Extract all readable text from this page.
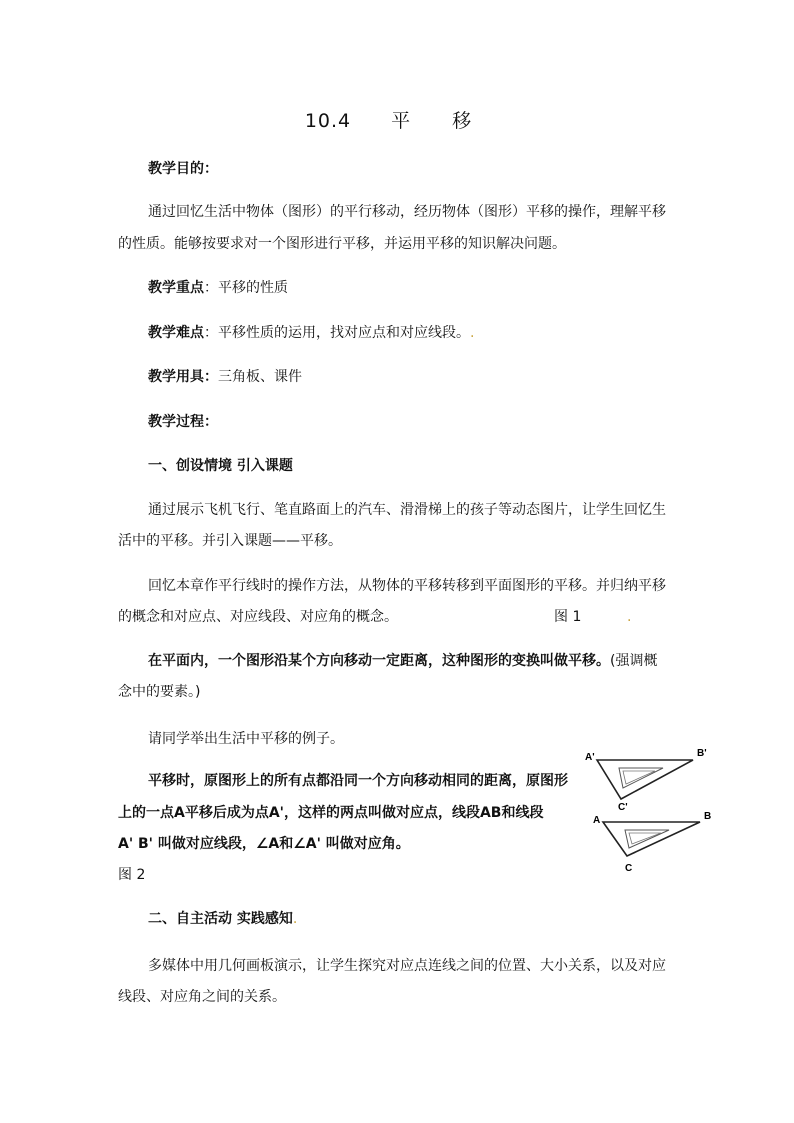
10.4 平 移
教学目的：
通过回忆生活中物体（图形）的平行移动，经历物体（图形）平移的操作，理解平移
的性质。能够按要求对一个图形进行平移，并运用平移的知识解决问题。
教学重点：平移的性质
教学难点：平移性质的运用，找对应点和对应线段。.
教学用具：三角板、课件
教学过程：
一、创设情境 引入课题
通过展示飞机飞行、笔直路面上的汽车、滑滑梯上的孩子等动态图片，让学生回忆生
活中的平移。并引入课题——平移。
回忆本章作平行线时的操作方法，从物体的平移转移到平面图形的平移。并归纳平移
的概念和对应点、对应线段、对应角的概念。	图 1	.
在平面内，一个图形沿某个方向移动一定距离，这种图形的变换叫做平移。(强调概
念中的要素。)
请同学举出生活中平移的例子。
平移时，原图形上的所有点都沿同一个方向移动相同的距离，原图形
上的一点A平移后成为点A'，这样的两点叫做对应点，线段AB和线段
A' B' 叫做对应线段，∠A和∠A' 叫做对应角。
图 2
A'	B'
C'
A	B
C
二、自主活动 实践感知.
多媒体中用几何画板演示，让学生探究对应点连线之间的位置、大小关系，以及对应
线段、对应角之间的关系。
